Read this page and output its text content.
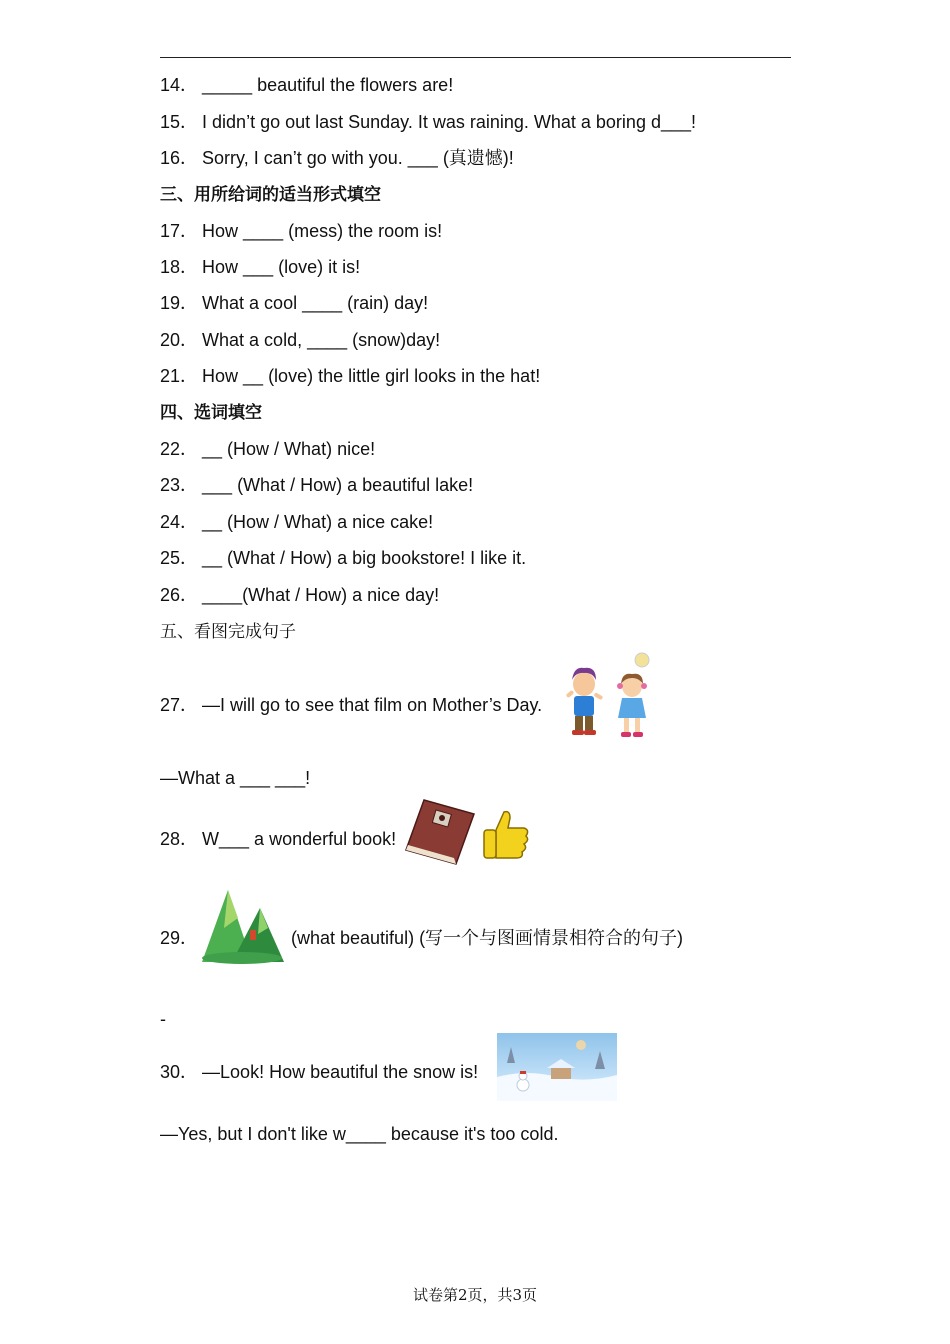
14． _____ beautiful the flowers are!
15． I didn’t go out last Sunday. It was raining. What a boring d___!
16． Sorry, I can’t go with you. ___ (真遗憾)!
三、用所给词的适当形式填空
17． How ____ (mess) the room is!
18． How ___ (love) it is!
19． What a cool ____ (rain) day!
20． What a cold, ____ (snow)day!
21． How __ (love) the little girl looks in the hat!
四、选词填空
22． __ (How / What) nice!
23． ___ (What / How) a beautiful lake!
24． __ (How / What) a nice cake!
25． __ (What / How) a big bookstore! I like it.
26． ____(What / How) a nice day!
五、看图完成句子
27． —I will go to see that film on Mother’s Day.
—What a ___ ___!
28． W___ a wonderful book!
29．	(what beautiful) (写一个与图画情景相符合的句子)
-
30． —Look! How beautiful the snow is!
—Yes, but I don't like w____ because it's too cold.
试卷第2页，共3页
